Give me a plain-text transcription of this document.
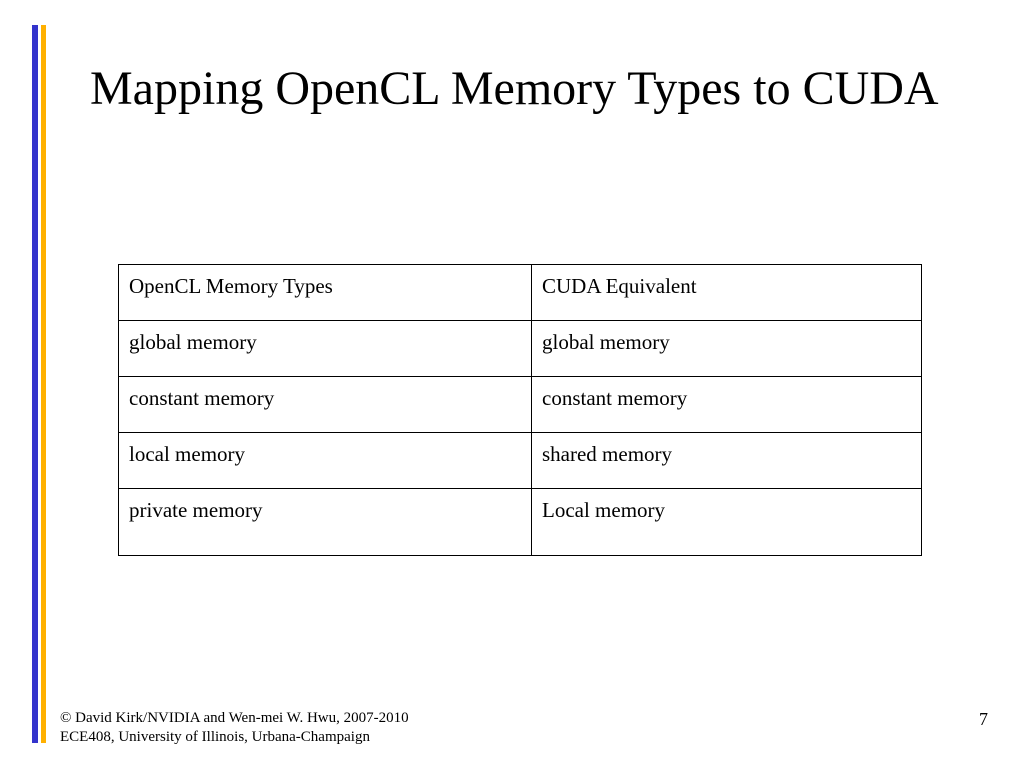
Mapping OpenCL Memory Types to CUDA
OpenCL Memory Types	CUDA Equivalent
global memory	global memory
constant memory	constant memory
local memory	shared memory
private memory	Local memory
© David Kirk/NVIDIA and Wen-mei W. Hwu, 2007-2010
ECE408, University of Illinois, Urbana-Champaign
7
